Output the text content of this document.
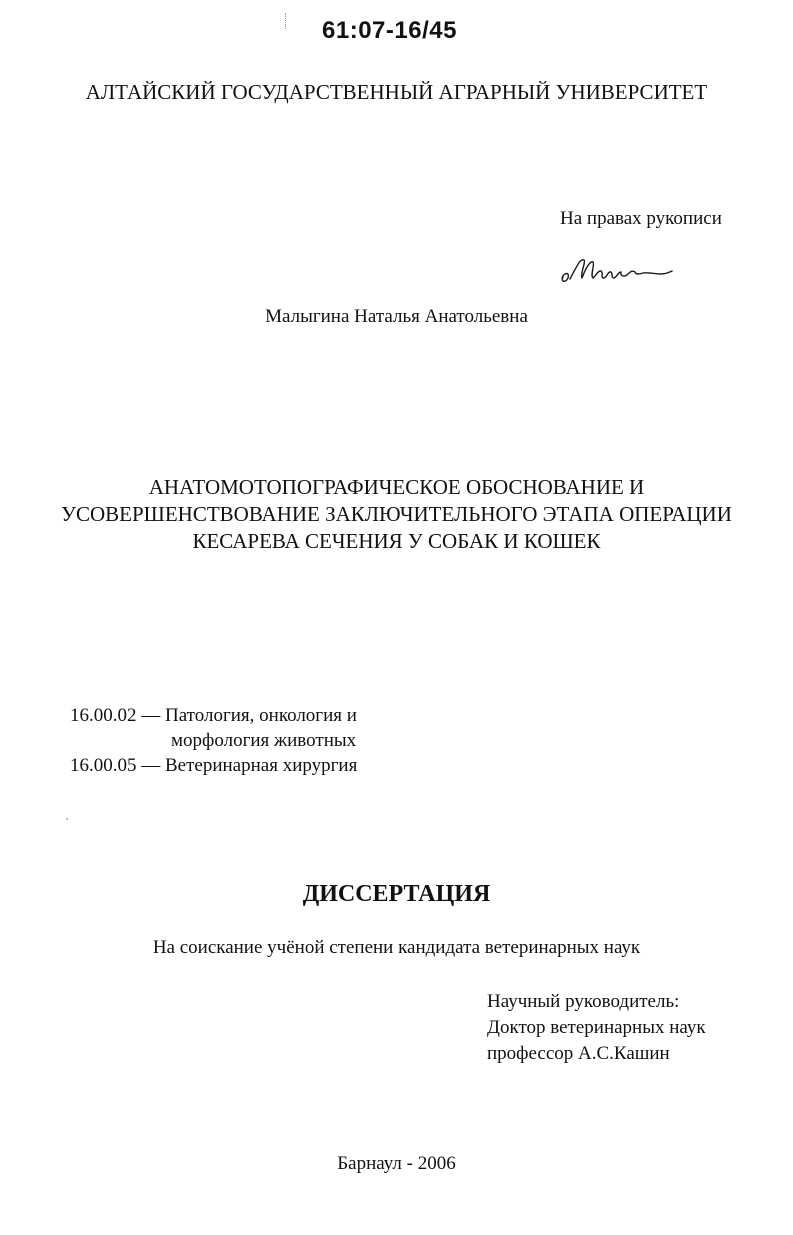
61:07-16/45
АЛТАЙСКИЙ ГОСУДАРСТВЕННЫЙ АГРАРНЫЙ УНИВЕРСИТЕТ
На правах рукописи
Малыгина Наталья Анатольевна
АНАТОМОТОПОГРАФИЧЕСКОЕ ОБОСНОВАНИЕ И
УСОВЕРШЕНСТВОВАНИЕ ЗАКЛЮЧИТЕЛЬНОГО ЭТАПА ОПЕРАЦИИ
КЕСАРЕВА СЕЧЕНИЯ У СОБАК И КОШЕК
16.00.02 — Патология, онкология и
морфология животных
16.00.05 — Ветеринарная хирургия
ДИССЕРТАЦИЯ
На соискание учёной степени кандидата ветеринарных наук
Научный руководитель:
Доктор ветеринарных наук
профессор А.С.Кашин
Барнаул - 2006
